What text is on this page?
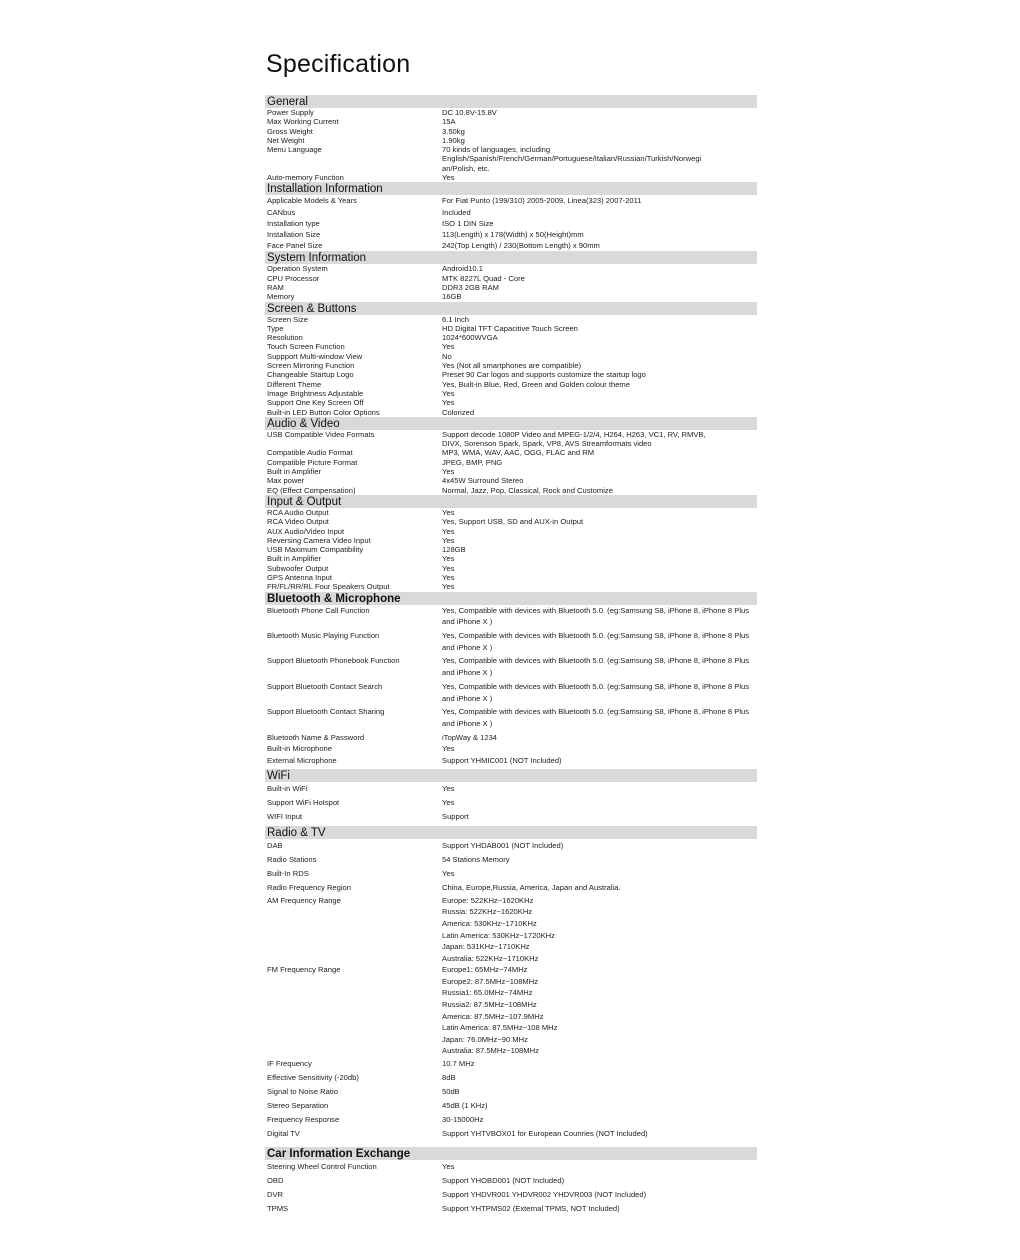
Specification
General
Power Supply	DC 10.8V-15.8V
Max Working Current	15A
Gross Weight	3.50kg
Net Weight	1.90kg
Menu Language	70 kinds of languages, including
English/Spanish/French/German/Portuguese/Italian/Russian/Turkish/Norwegi
an/Polish, etc.
Auto-memory Function	Yes
Installation Information
Applicable Models & Years	For Fiat Punto (199/310) 2005-2009, Linea(323) 2007-2011
CANbus	Included
Installation type	ISO 1 DIN Size
Installation Size	113(Length) x 178(Width) x 50(Height)mm
Face Panel Size	242(Top Length) / 230(Bottom Length) x 90mm
System Information
Operation System	Android10.1
CPU Processor	MTK 8227L Quad - Core
RAM	DDR3 2GB RAM
Memory	16GB
Screen & Buttons
Screen Size	6.1 Inch
Type	HD Digital TFT Capacitive Touch Screen
Resolution	1024*600WVGA
Touch Screen Function	Yes
Suppport Multi-window View	No
Screen Mirroring Function	Yes (Not all smartphones are compatible)
Changeable Startup Logo	Preset 90 Car logos and supports customize the startup logo
Different Theme	Yes, Built-in Blue, Red, Green and Golden colour theme
Image Brightness Adjustable	Yes
Support One Key Screen Off	Yes
Built-in LED Button Color Options	Colorized
Audio & Video
USB Compatible Video Formats	Support decode 1080P Video and MPEG-1/2/4, H264, H263, VC1, RV, RMVB,
DIVX, Sorenson Spark, Spark, VP8, AVS Streamformats video
Compatible Audio Format	MP3, WMA, WAV, AAC, OGG, FLAC and RM
Compatible Picture Format	JPEG, BMP, PNG
Built in Amplifier	Yes
Max power	4x45W Surround Stereo
EQ (Effect Compensation)	Normal, Jazz, Pop, Classical, Rock and Customize
Input & Output
RCA Audio Output	Yes
RCA Video Output	Yes, Support USB, SD and AUX-in Output
AUX Audio/Video Input	Yes
Reversing Camera Video Input	Yes
USB Maximum Compatibility	128GB
Built in Amplifier	Yes
Subwoofer Output	Yes
GPS Antenna Input	Yes
FR/FL/RR/RL Four Speakers Output	Yes
Bluetooth & Microphone
Bluetooth Phone Call Function	Yes, Compatible with devices with Bluetooth 5.0. (eg:Samsung S8, iPhone 8, iPhone 8 Plus
and iPhone X )
Bluetooth Music Playing Function	Yes, Compatible with devices with Bluetooth 5.0. (eg:Samsung S8, iPhone 8, iPhone 8 Plus
and iPhone X )
Support Bluetooth Phonebook Function	Yes, Compatible with devices with Bluetooth 5.0. (eg:Samsung S8, iPhone 8, iPhone 8 Plus
and iPhone X )
Support Bluetooth Contact Search	Yes, Compatible with devices with Bluetooth 5.0. (eg:Samsung S8, iPhone 8, iPhone 8 Plus
and iPhone X )
Support Bluetooth Contact Sharing	Yes, Compatible with devices with Bluetooth 5.0. (eg:Samsung S8, iPhone 8, iPhone 8 Plus
and iPhone X )
Bluetooth Name & Password	iTopWay & 1234
Built-in Microphone	Yes
External Microphone	Support YHMIC001 (NOT Included)
WiFi
Built-in WiFi	Yes
Support WiFi Hotspot	Yes
WIFI Input	Support
Radio & TV
DAB	Support YHDAB001 (NOT Included)
Radio Stations	54 Stations Memory
Built-In RDS	Yes
Radio Frequency Region	China, Europe,Russia, America, Japan and Australia.
AM Frequency Range	Europe: 522KHz~1620KHz
Russia: 522KHz~1620KHz
America: 530KHz~1710KHz
Latin America: 530KHz~1720KHz
Japan: 531KHz~1710KHz
Australia: 522KHz~1710KHz
FM Frequency Range	Europe1: 65MHz~74MHz
Europe2: 87.5MHz~108MHz
Russia1: 65.0MHz~74MHz
Russia2: 87.5MHz~108MHz
America: 87.5MHz~107.9MHz
Latin America: 87.5MHz~108 MHz
Japan: 76.0MHz~90 MHz
Australia: 87.5MHz~108MHz
IF Frequency	10.7 MHz
Effective Sensitivity (-20db)	8dB
Signal to Noise Ratio	50dB
Stereo Separation	45dB (1 KHz)
Frequency Response	30-15000Hz
Digital TV	Support YHTVBOX01 for European Counries (NOT Included)
Car Information Exchange
Steering Wheel Control Function	Yes
OBD	Support YHOBD001 (NOT Included)
DVR	Support YHDVR001 YHDVR002 YHDVR003 (NOT Included)
TPMS	Support YHTPMS02 (External TPMS, NOT Included)
